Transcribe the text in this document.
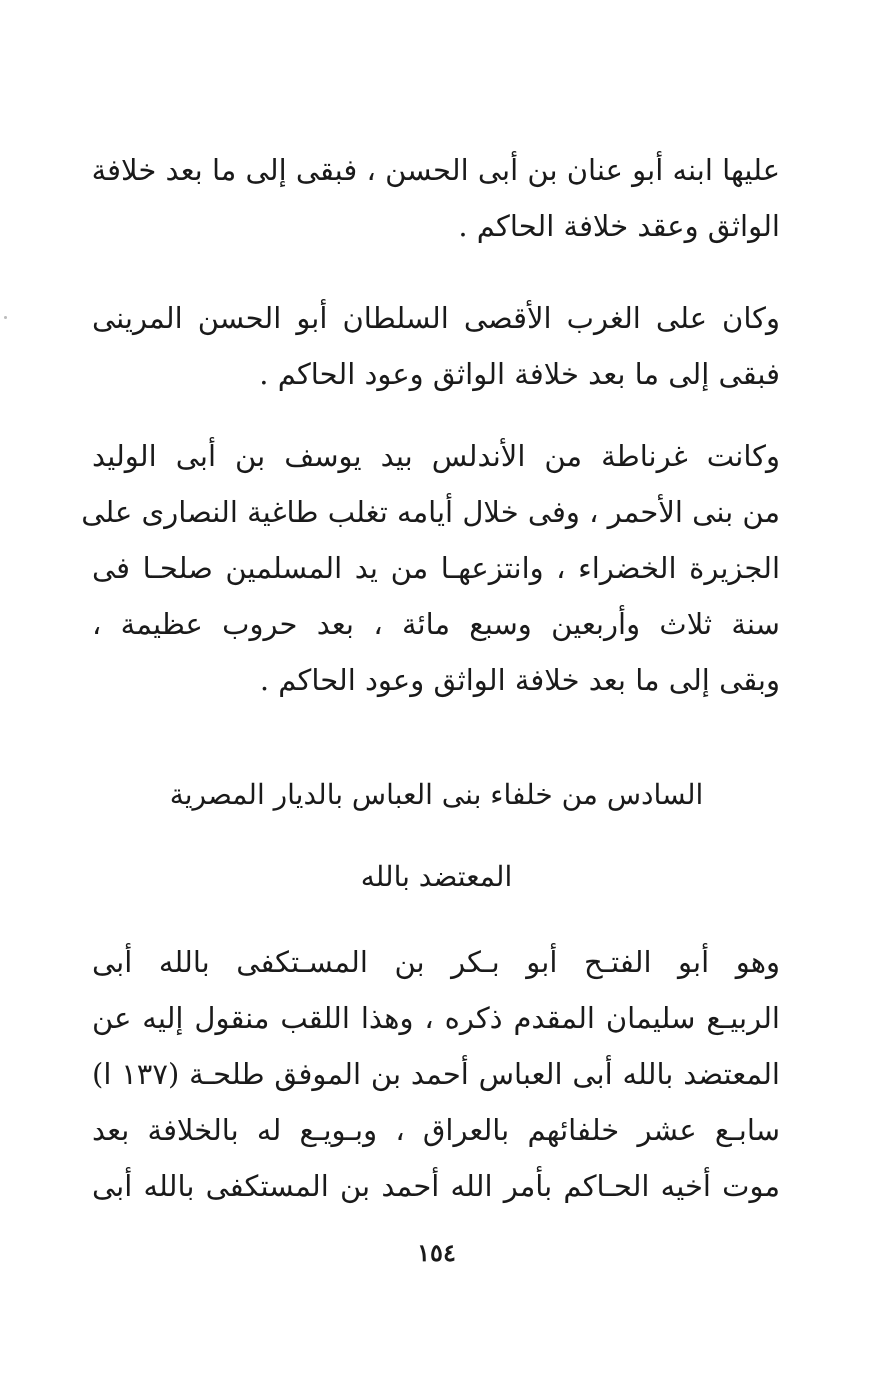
عليها ابنه أبو عنان بن أبى الحسن ، فبقى إلى ما بعد خلافة
الواثق وعقد خلافة الحاكم .
وكان على الغرب الأقصى السلطان أبو الحسن المرينى
فبقى إلى ما بعد خلافة الواثق وعود الحاكم .
وكانت غرناطة من الأندلس بيد يوسف بن أبى الوليد
من بنى الأحمر ، وفى خلال أيامه تغلب طاغية النصارى على
الجزيرة الخضراء ، وانتزعهـا من يد المسلمين صلحـا فى
سنة ثلاث وأربعين وسبع مائة ، بعد حروب عظيمة ،
وبقى إلى ما بعد خلافة الواثق وعود الحاكم .
السادس من خلفاء بنى العباس بالديار المصرية
المعتضد بالله
وهو أبو الفتـح أبو بـكر بن المسـتكفى بالله أبى
الربيـع سليمان المقدم ذكره ، وهذا اللقب منقول إليه عن
المعتضد بالله أبى العباس أحمد بن الموفق طلحـة (١٣٧ ا)
سابـع عشر خلفائهم بالعراق ، وبـويـع له بالخلافة بعد
موت أخيه الحـاكم بأمر الله أحمد بن المستكفى بالله أبى
١٥٤
